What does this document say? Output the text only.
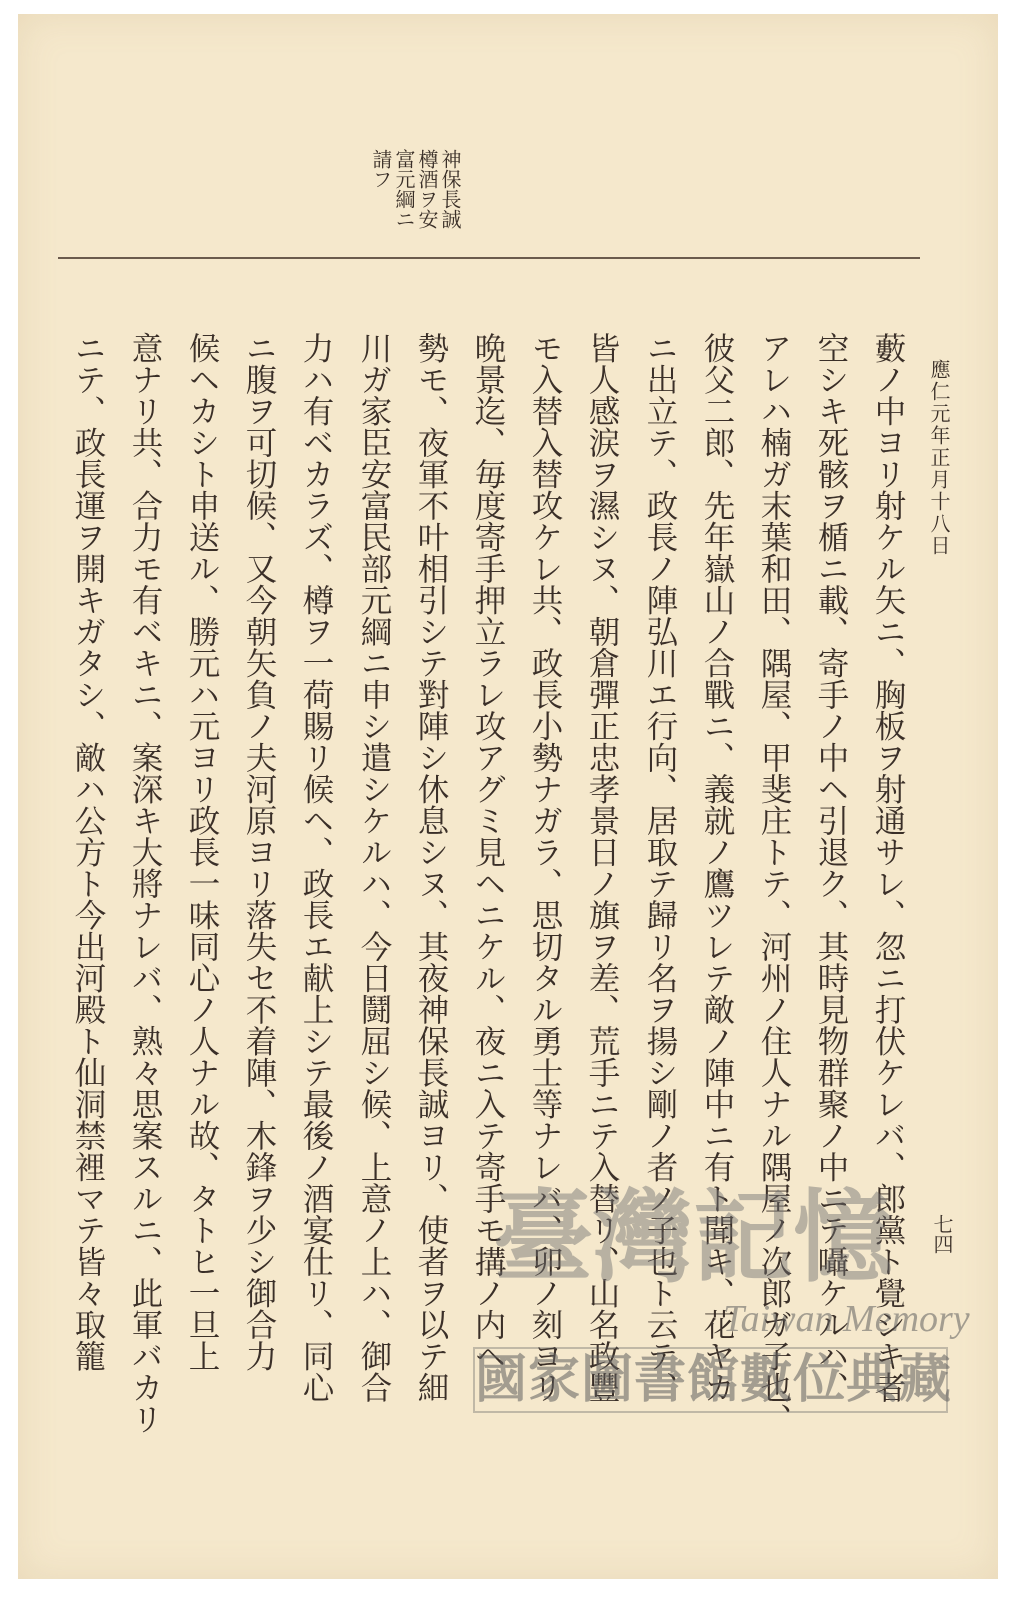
應仁元年正月十八日
七四
神保長誠
樽酒ヲ安
富元綱ニ
請フ
藪ノ中ヨリ射ケル矢ニ、胸板ヲ射通サレ、忽ニ打伏ケレバ、郎黨ト覺シキ者
空シキ死骸ヲ楯ニ載、寄手ノ中ヘ引退ク、其時見物群聚ノ中ニテ囁ケルハ、
アレハ楠ガ末葉和田、隅屋、甲斐庄トテ、河州ノ住人ナル隅屋ノ次郎ガ子也、
彼父二郎、先年嶽山ノ合戰ニ、義就ノ鷹ツレテ敵ノ陣中ニ有ト聞キ、花ヤカ
ニ出立テ、政長ノ陣弘川エ行向、居取テ歸リ名ヲ揚シ剛ノ者ノ子也ト云テ、
皆人感涙ヲ濕シヌ、朝倉彈正忠孝景日ノ旗ヲ差、荒手ニテ入替リ、山名政豐
モ入替入替攻ケレ共、政長小勢ナガラ、思切タル勇士等ナレバ、卯ノ刻ヨリ
晩景迄、毎度寄手押立ラレ攻アグミ見ヘニケル、夜ニ入テ寄手モ搆ノ内ヘ
勢モ、夜軍不叶相引シテ對陣シ休息シヌ、其夜神保長誠ヨリ、使者ヲ以テ細
川ガ家臣安富民部元綱ニ申シ遣シケルハ、今日鬪屈シ候、上意ノ上ハ、御合
力ハ有ベカラズ、樽ヲ一荷賜リ候ヘ、政長エ献上シテ最後ノ酒宴仕リ、同心
ニ腹ヲ可切候、又今朝矢負ノ夫河原ヨリ落失セ不着陣、木鋒ヲ少シ御合力
候ヘカシト申送ル、勝元ハ元ヨリ政長一味同心ノ人ナル故、タトヒ一旦上
意ナリ共、合力モ有ベキニ、案深キ大將ナレバ、熟々思案スルニ、此軍バカリ
ニテ、政長運ヲ開キガタシ、敵ハ公方ト今出河殿ト仙洞禁裡マテ皆々取籠	臺灣記憶
Taiwan Memory
國家圖書館數位典藏
